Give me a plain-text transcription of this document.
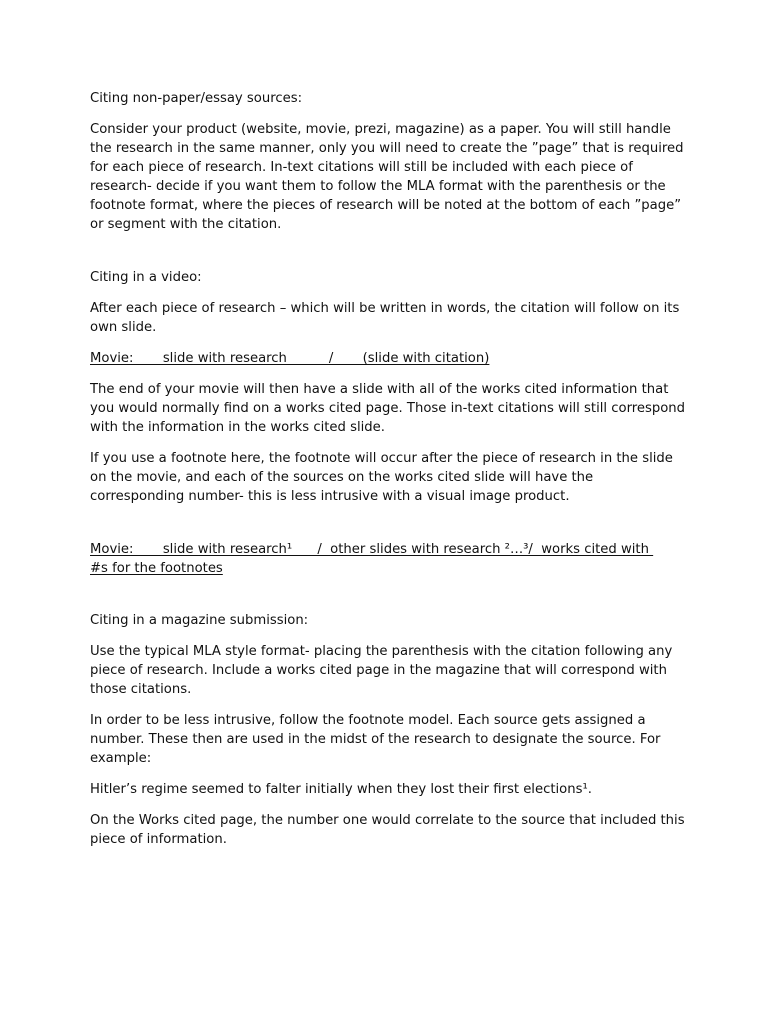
Citing non-paper/essay sources:

Consider your product (website, movie, prezi, magazine) as a paper. You will still handle the research in the same manner, only you will need to create the ”page” that is required for each piece of research. In-text citations will still be included with each piece of research- decide if you want them to follow the MLA format with the parenthesis or the footnote format, where the pieces of research will be noted at the bottom of each ”page” or segment with the citation.

Citing in a video:

After each piece of research – which will be written in words, the citation will follow on its own slide.

Movie:       slide with research          /       (slide with citation)

The end of your movie will then have a slide with all of the works cited information that you would normally find on a works cited page. Those in-text citations will still correspond with the information in the works cited slide.

If you use a footnote here, the footnote will occur after the piece of research in the slide on the movie, and each of the sources on the works cited slide will have the corresponding number- this is less intrusive with a visual image product.

Movie:       slide with research¹      /  other slides with research ²…³/  works cited with
#s for the footnotes

Citing in a magazine submission:

Use the typical MLA style format- placing the parenthesis with the citation following any piece of research. Include a works cited page in the magazine that will correspond with those citations.

In order to be less intrusive, follow the footnote model. Each source gets assigned a number. These then are used in the midst of the research to designate the source. For example:

Hitler’s regime seemed to falter initially when they lost their first elections¹.

On the Works cited page, the number one would correlate to the source that included this piece of information.
